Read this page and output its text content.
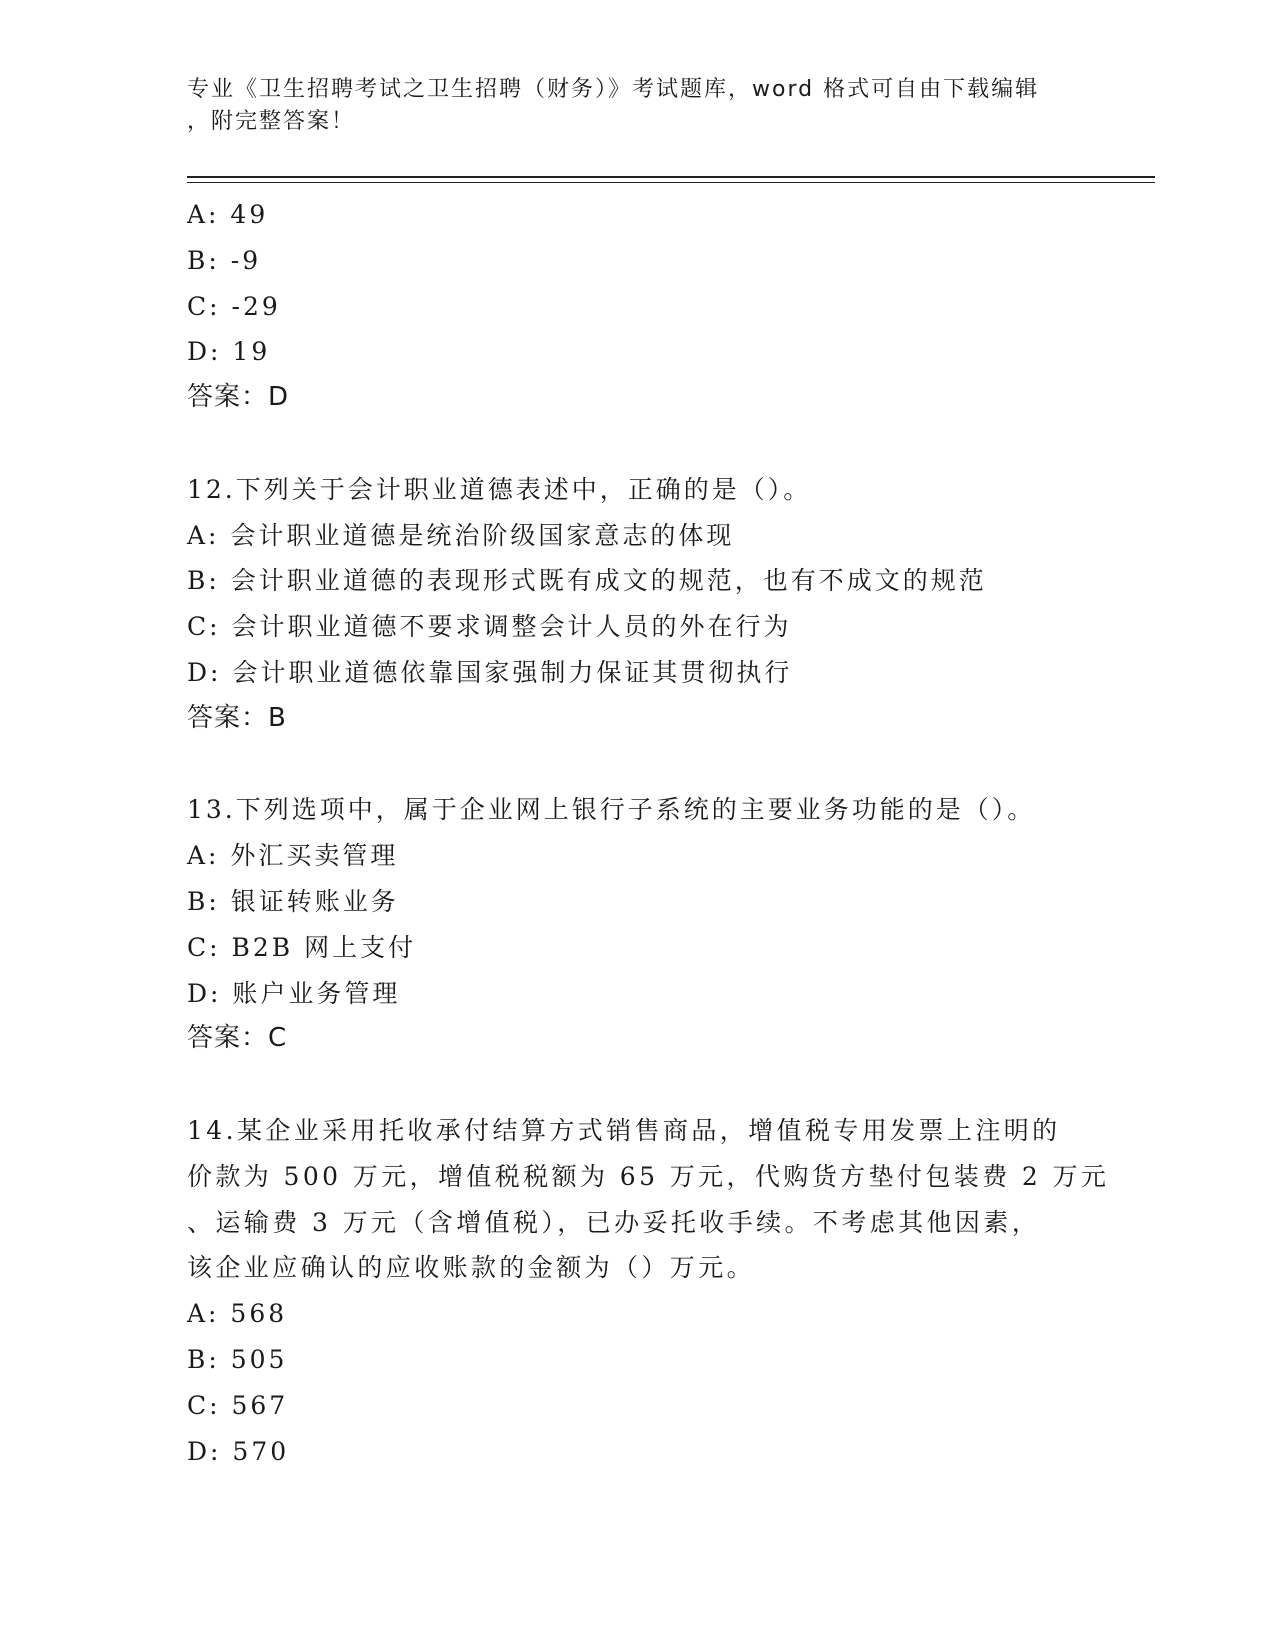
专业《卫生招聘考试之卫生招聘（财务）》考试题库，word 格式可自由下载编辑
，附完整答案！
A: 49
B: -9
C: -29
D: 19
答案：D
12.下列关于会计职业道德表述中，正确的是（）。
A: 会计职业道德是统治阶级国家意志的体现
B: 会计职业道德的表现形式既有成文的规范，也有不成文的规范
C: 会计职业道德不要求调整会计人员的外在行为
D: 会计职业道德依靠国家强制力保证其贯彻执行
答案：B
13.下列选项中，属于企业网上银行子系统的主要业务功能的是（）。
A: 外汇买卖管理
B: 银证转账业务
C: B2B 网上支付
D: 账户业务管理
答案：C
14.某企业采用托收承付结算方式销售商品，增值税专用发票上注明的
价款为 500 万元，增值税税额为 65 万元，代购货方垫付包装费 2 万元
、运输费 3 万元（含增值税），已办妥托收手续。不考虑其他因素，
该企业应确认的应收账款的金额为（）万元。
A: 568
B: 505
C: 567
D: 570
